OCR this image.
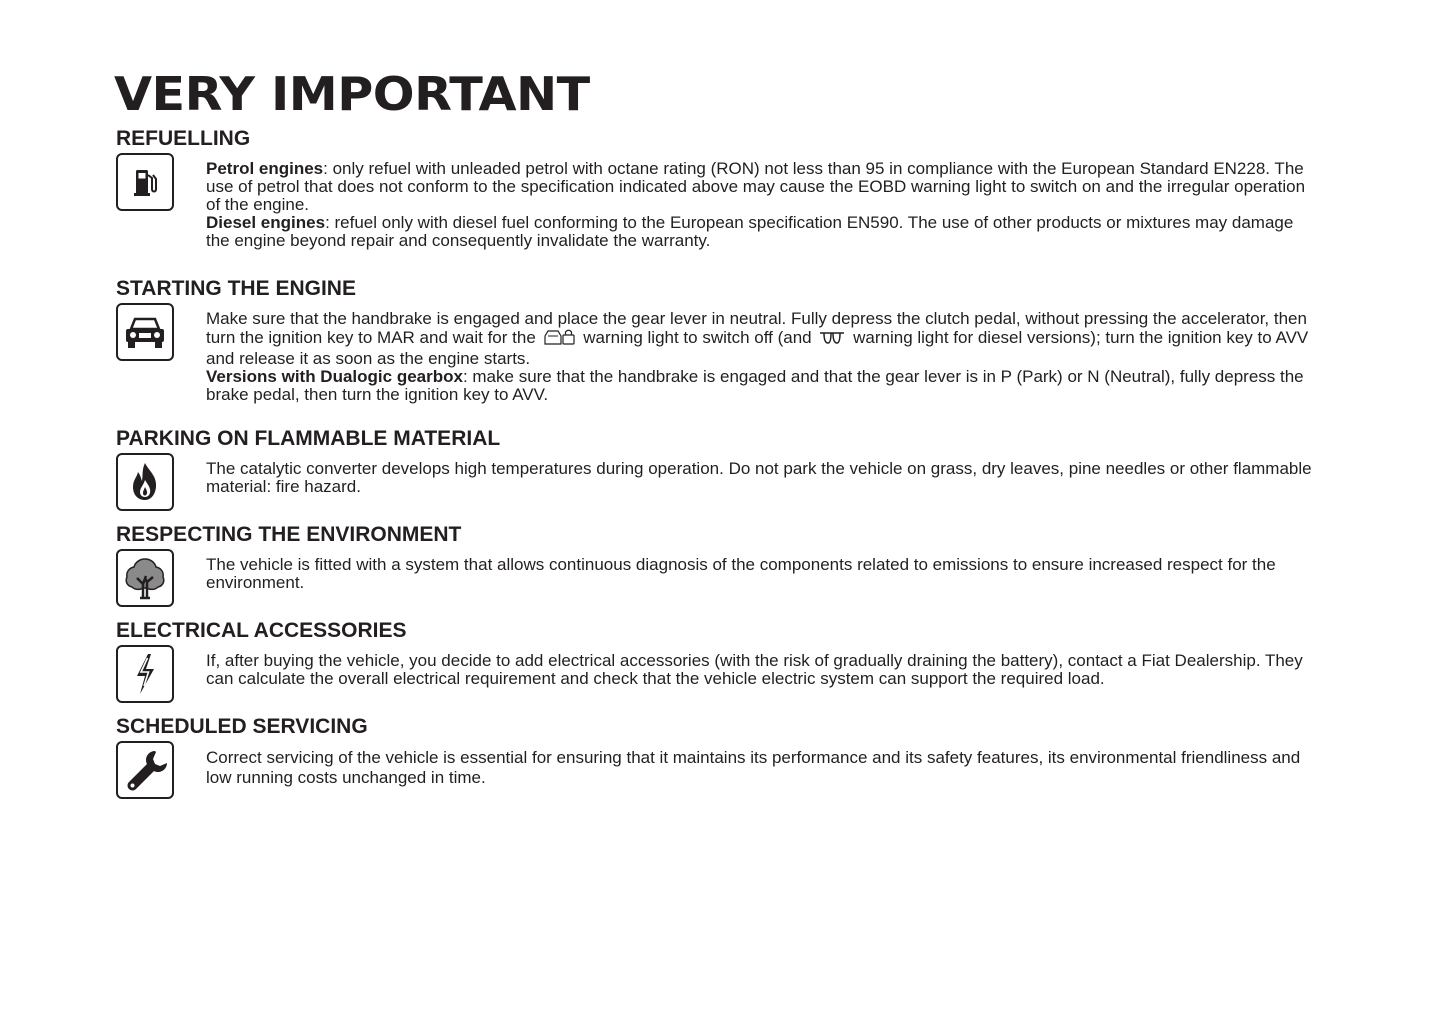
VERY IMPORTANT
REFUELLING

Petrol engines: only refuel with unleaded petrol with octane rating (RON) not less than 95 in compliance with the European Standard EN228. The use of petrol that does not conform to the specification indicated above may cause the EOBD warning light to switch on and the irregular operation of the engine.

Diesel engines: refuel only with diesel fuel conforming to the European specification EN590. The use of other products or mixtures may damage the engine beyond repair and consequently invalidate the warranty.

STARTING THE ENGINE

Make sure that the handbrake is engaged and place the gear lever in neutral. Fully depress the clutch pedal, without pressing the accelerator, then turn the ignition key to MAR and wait for the	warning light to switch off (and warning light for diesel versions); turn the ignition key to AVV and release it as soon as the engine starts.

Versions with Dualogic gearbox: make sure that the handbrake is engaged and that the gear lever is in P (Park) or N (Neutral), fully depress the brake pedal, then turn the ignition key to AVV.

PARKING ON FLAMMABLE MATERIAL

The catalytic converter develops high temperatures during operation. Do not park the vehicle on grass, dry leaves, pine needles or other flammable material: fire hazard.

RESPECTING THE ENVIRONMENT

The vehicle is fitted with a system that allows continuous diagnosis of the components related to emissions to ensure increased respect for the environment.

ELECTRICAL ACCESSORIES

If, after buying the vehicle, you decide to add electrical accessories (with the risk of gradually draining the battery), contact a Fiat Dealership. They can calculate the overall electrical requirement and check that the vehicle electric system can support the required load.

SCHEDULED SERVICING

Correct servicing of the vehicle is essential for ensuring that it maintains its performance and its safety features, its environmental friendliness and low running costs unchanged in time.
